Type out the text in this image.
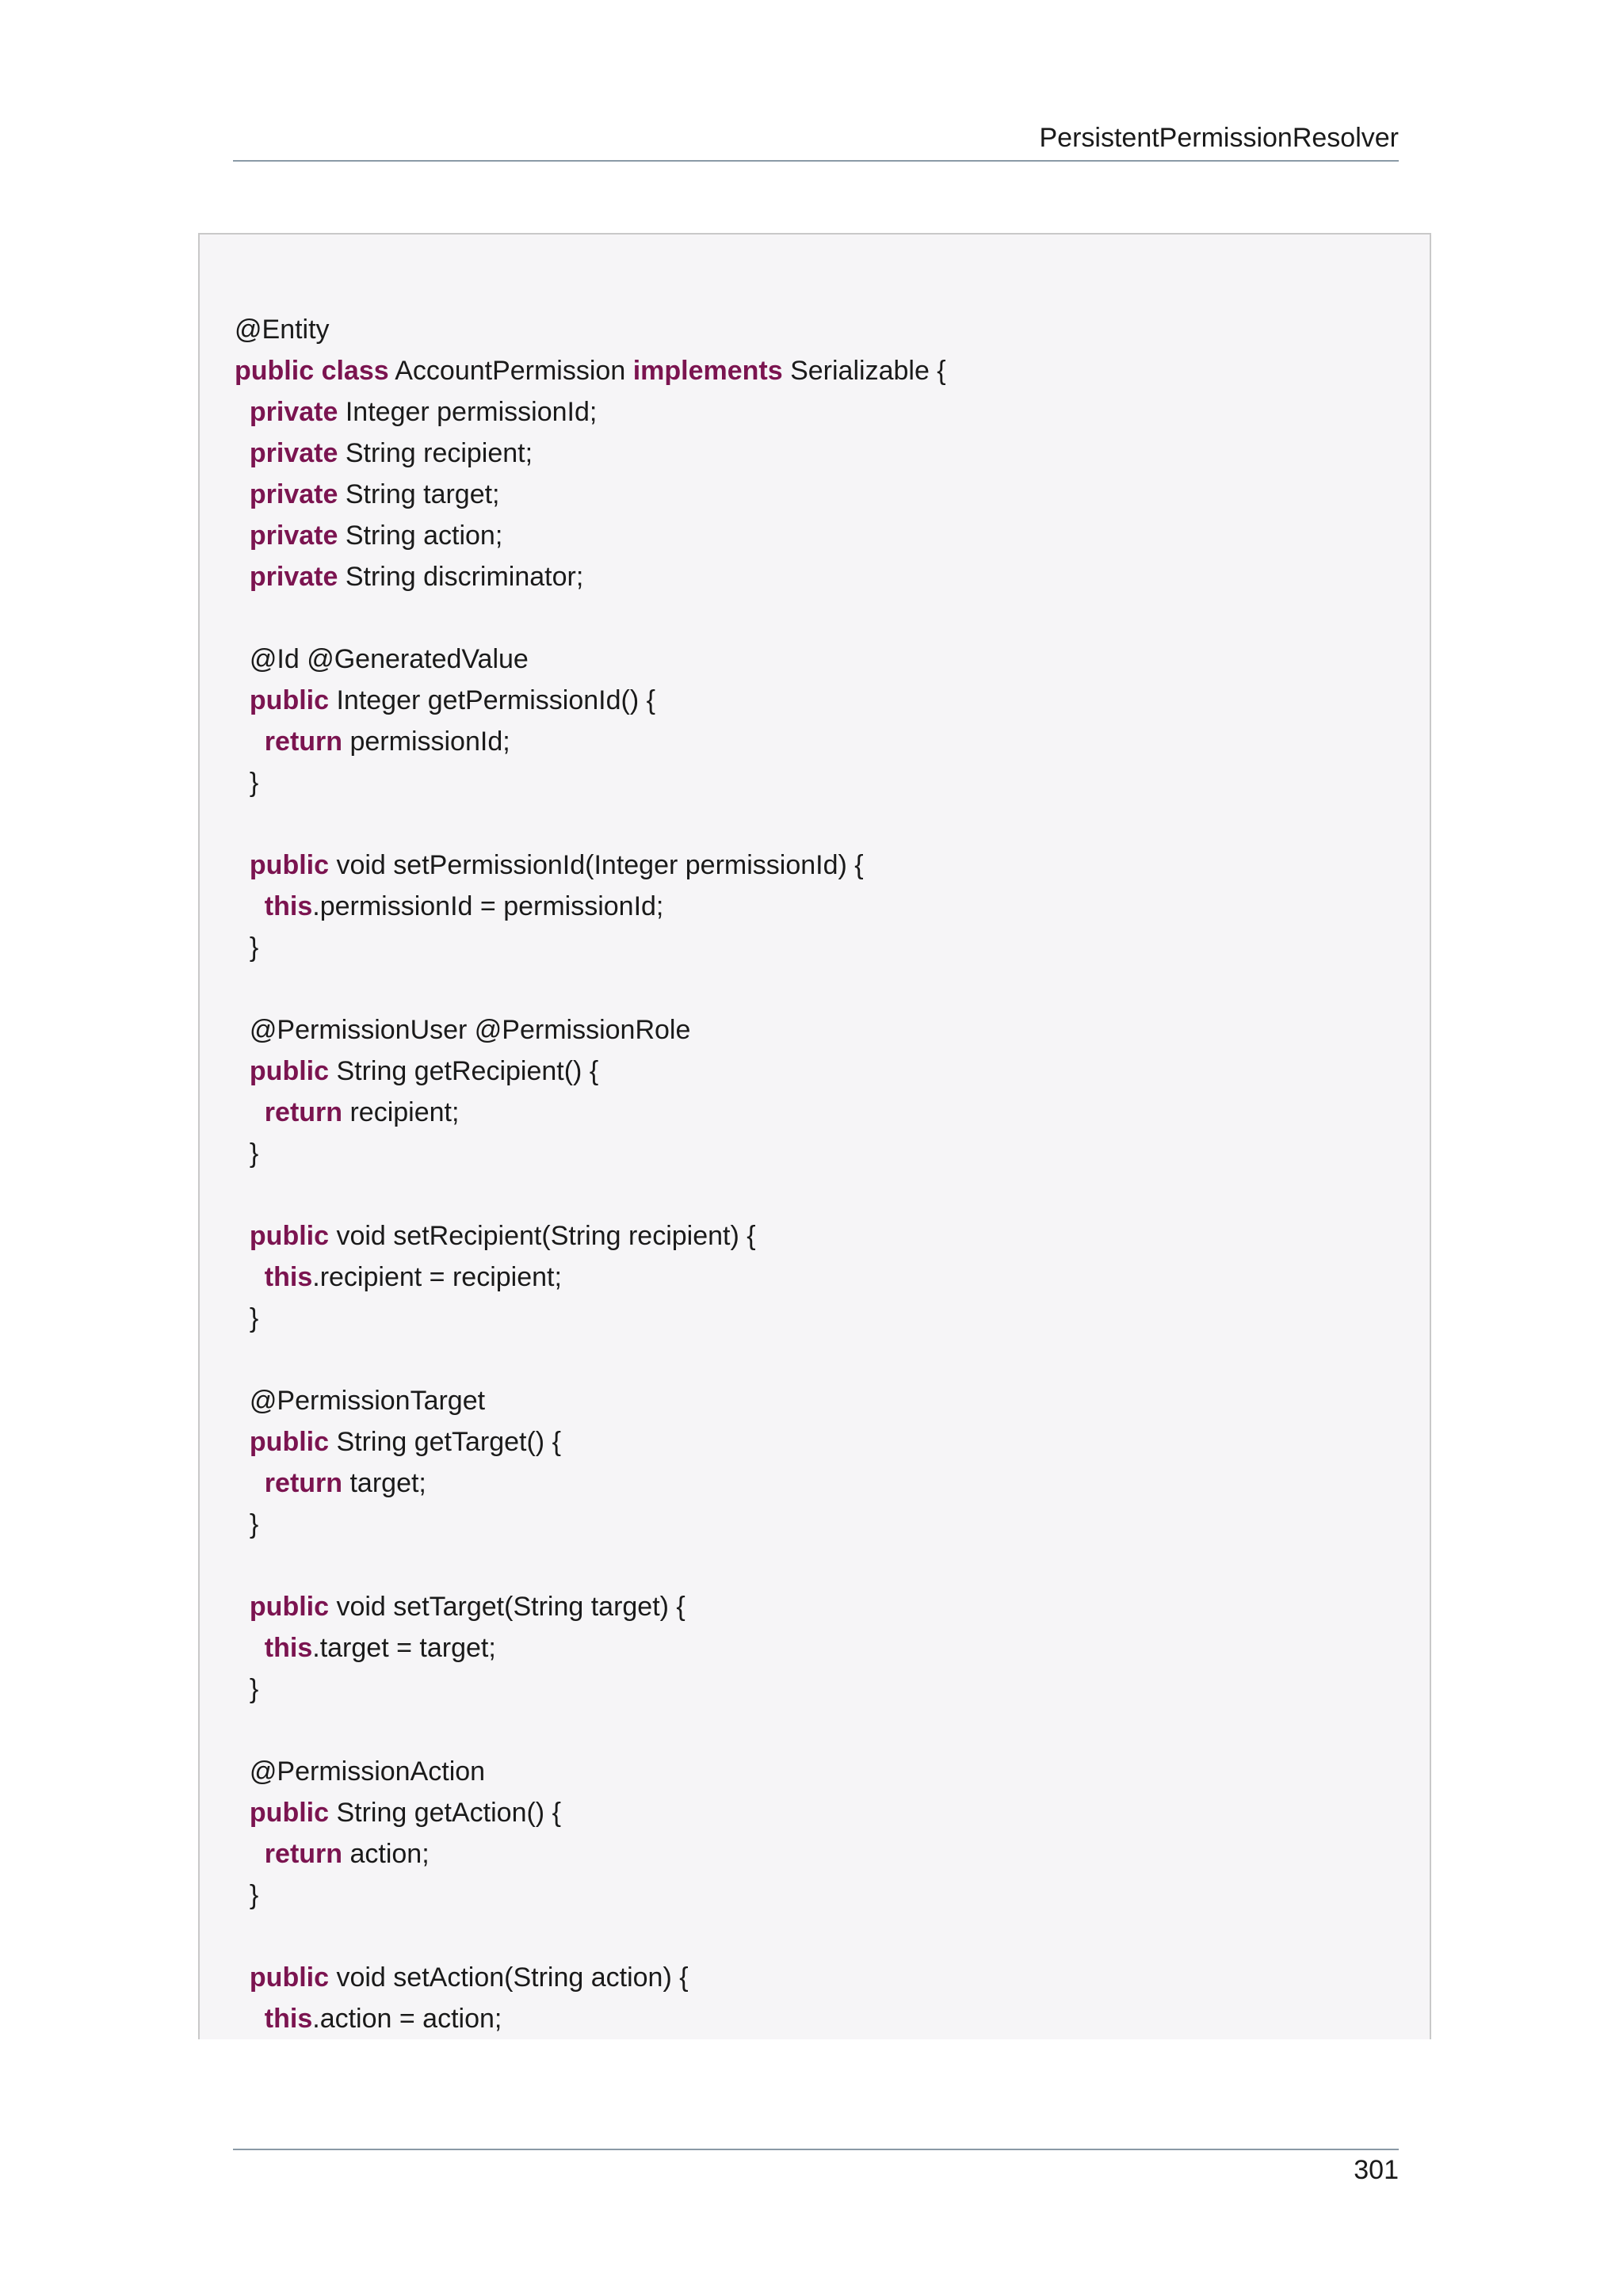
PersistentPermissionResolver
@Entity
public class AccountPermission implements Serializable {
private Integer permissionId;
private String recipient;
private String target;
private String action;
private String discriminator;
@Id @GeneratedValue
public Integer getPermissionId() {
return permissionId;
}
public void setPermissionId(Integer permissionId) {
this.permissionId = permissionId;
}
@PermissionUser @PermissionRole
public String getRecipient() {
return recipient;
}
public void setRecipient(String recipient) {
this.recipient = recipient;
}
@PermissionTarget
public String getTarget() {
return target;
}
public void setTarget(String target) {
this.target = target;
}
@PermissionAction
public String getAction() {
return action;
}
public void setAction(String action) {
this.action = action;
301
